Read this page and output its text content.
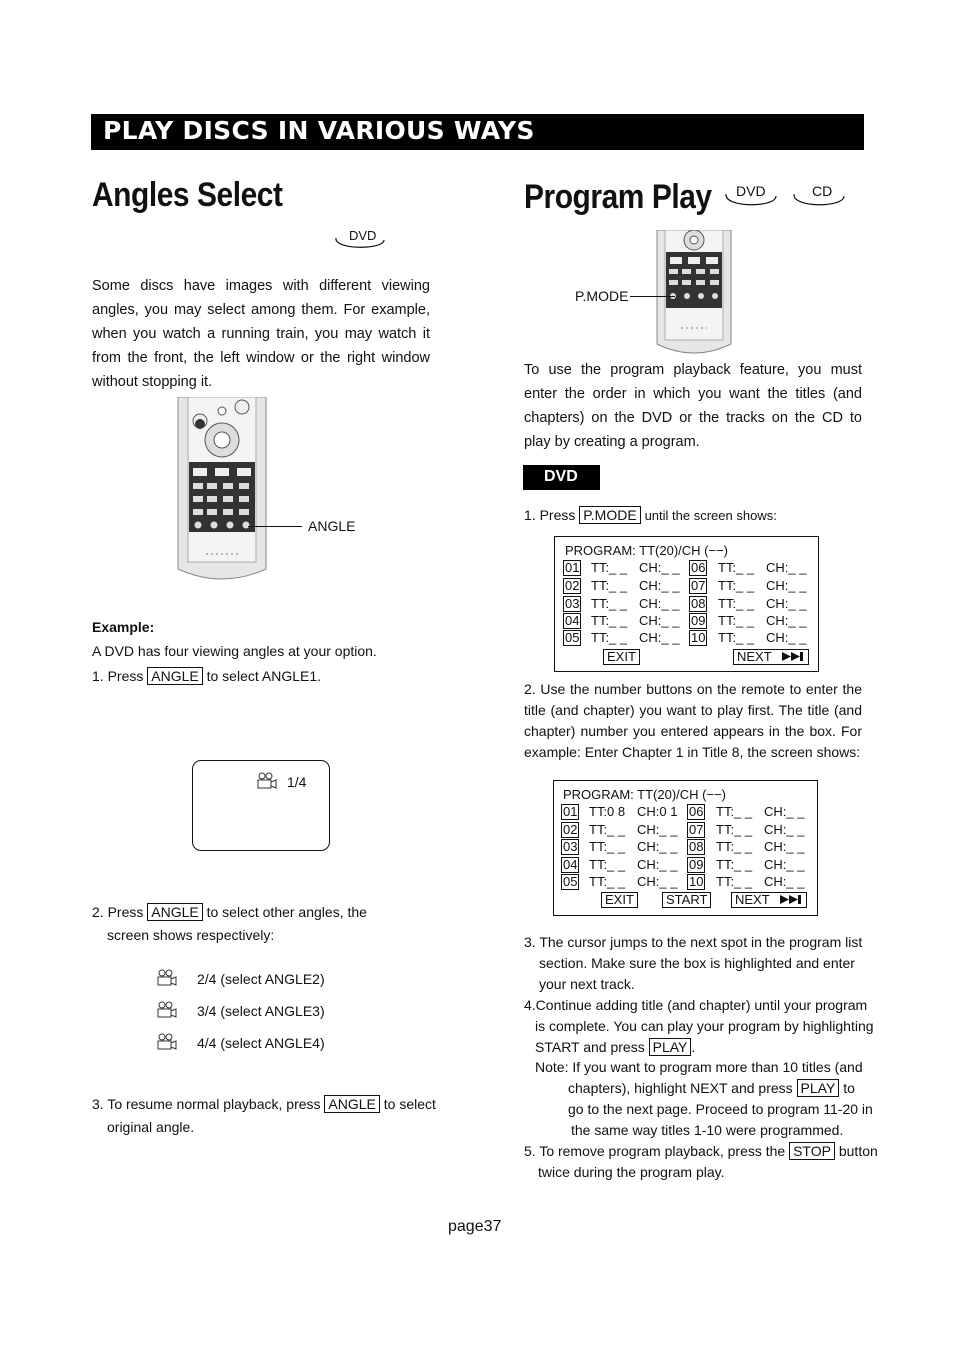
PLAY DISCS IN VARIOUS WAYS
Angles Select
DVD
Some discs have images with different viewing angles, you may select among them. For example, when you watch a running train, you may watch it from the front, the left window or the right window without stopping it.
ANGLE
Example:
A DVD has four viewing angles at your option.
1. Press ANGLE to select ANGLE1.
1/4
2. Press ANGLE to select other angles, the
screen shows respectively:
2/4 (select ANGLE2)
3/4 (select ANGLE3)
4/4 (select ANGLE4)
3. To resume normal playback, press ANGLE to select
original angle.
Program Play DVD	CD
P.MODE
To use the program playback feature, you must enter the order in which you want the titles (and chapters) on the DVD or the tracks on the CD to play by creating a program.
DVD
1. Press P.MODE until the screen shows:
PROGRAM: TT(20)/CH (−−)
01 TT:_ _ CH:_ _ 06 TT:_ _ CH:_ _
02 TT:_ _ CH:_ _ 07 TT:_ _ CH:_ _
03 TT:_ _ CH:_ _ 08 TT:_ _ CH:_ _
04 TT:_ _ CH:_ _ 09 TT:_ _ CH:_ _
05 TT:_ _ CH:_ _ 10 TT:_ _ CH:_ _
EXIT	NEXT
2. Use the number buttons on the remote to enter the title (and chapter) you want to play first. The title (and chapter) number you entered appears in the box. For example: Enter Chapter 1 in Title 8, the screen shows:
PROGRAM: TT(20)/CH (−−)
01 TT:0 8 CH:0 1 06 TT:_ _ CH:_ _
02 TT:_ _ CH:_ _ 07 TT:_ _ CH:_ _
03 TT:_ _ CH:_ _ 08 TT:_ _ CH:_ _
04 TT:_ _ CH:_ _ 09 TT:_ _ CH:_ _
05 TT:_ _ CH:_ _ 10 TT:_ _ CH:_ _
EXIT	START	NEXT
3. The cursor jumps to the next spot in the program list
section. Make sure the box is highlighted and enter
your next track.
4.Continue adding title (and chapter) until your program
is complete. You can play your program by highlighting
START and press PLAY .
Note: If you want to program more than 10 titles (and
chapters), highlight NEXT and press PLAY to
go to the next page. Proceed to program 11-20 in
the same way titles 1-10 were programmed.
5. To remove program playback, press the STOP button
twice during the program play.
page37
